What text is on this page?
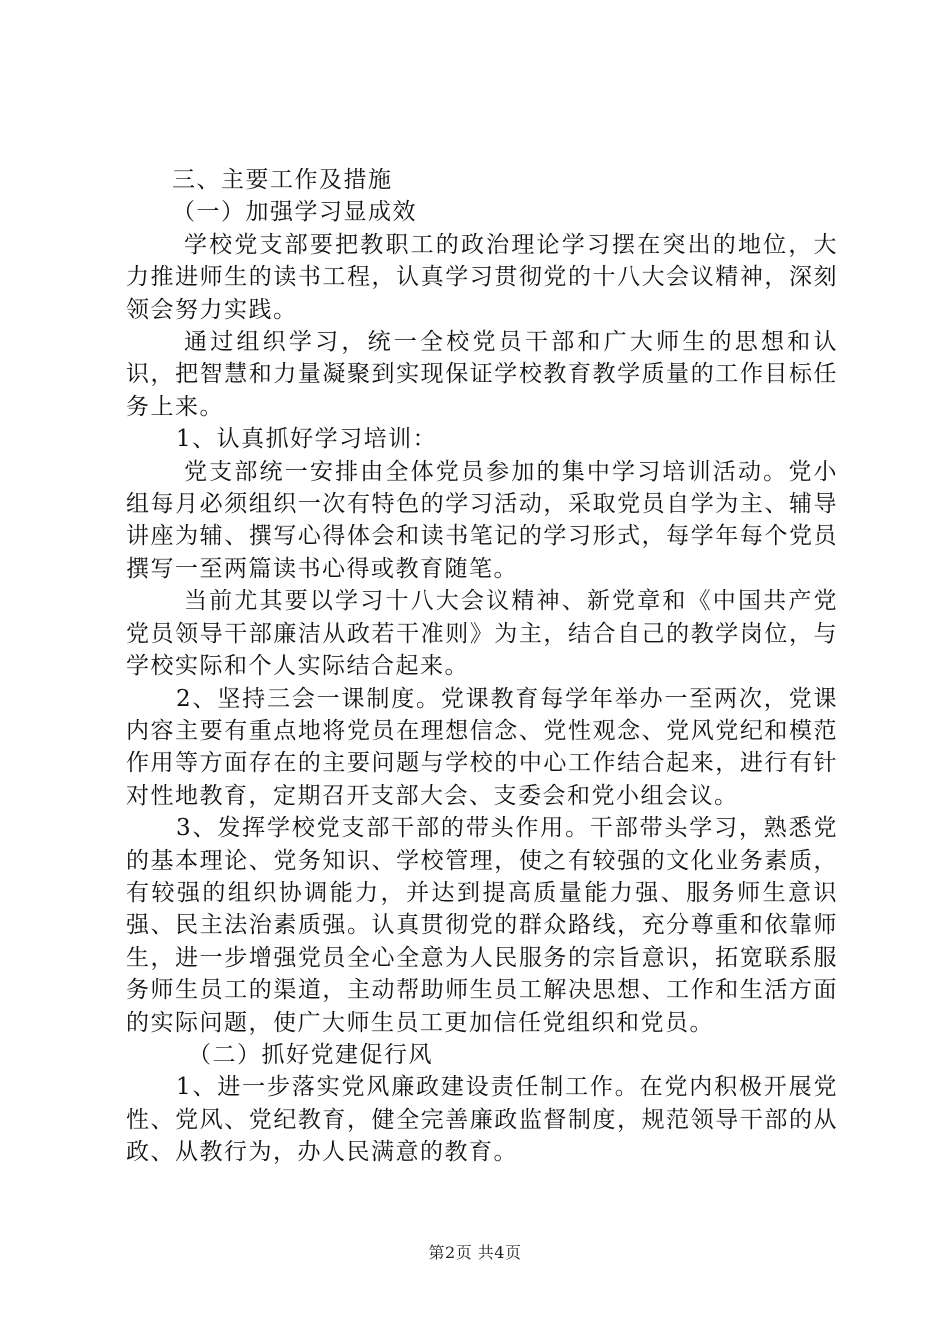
三、主要工作及措施

（一）加强学习显成效

学校党支部要把教职工的政治理论学习摆在突出的地位，大力推进师生的读书工程，认真学习贯彻党的十八大会议精神，深刻领会努力实践。

通过组织学习，统一全校党员干部和广大师生的思想和认识，把智慧和力量凝聚到实现保证学校教育教学质量的工作目标任务上来。

1、认真抓好学习培训：

党支部统一安排由全体党员参加的集中学习培训活动。党小组每月必须组织一次有特色的学习活动，采取党员自学为主、辅导讲座为辅、撰写心得体会和读书笔记的学习形式，每学年每个党员撰写一至两篇读书心得或教育随笔。

当前尤其要以学习十八大会议精神、新党章和《中国共产党党员领导干部廉洁从政若干准则》为主，结合自己的教学岗位，与学校实际和个人实际结合起来。

2、坚持三会一课制度。党课教育每学年举办一至两次，党课内容主要有重点地将党员在理想信念、党性观念、党风党纪和模范作用等方面存在的主要问题与学校的中心工作结合起来，进行有针对性地教育，定期召开支部大会、支委会和党小组会议。

3、发挥学校党支部干部的带头作用。干部带头学习，熟悉党的基本理论、党务知识、学校管理，使之有较强的文化业务素质，有较强的组织协调能力，并达到提高质量能力强、服务师生意识强、民主法治素质强。认真贯彻党的群众路线，充分尊重和依靠师生，进一步增强党员全心全意为人民服务的宗旨意识，拓宽联系服务师生员工的渠道，主动帮助师生员工解决思想、工作和生活方面的实际问题，使广大师生员工更加信任党组织和党员。

（二）抓好党建促行风

1、进一步落实党风廉政建设责任制工作。在党内积极开展党性、党风、党纪教育，健全完善廉政监督制度，规范领导干部的从政、从教行为，办人民满意的教育。

第2页 共4页
